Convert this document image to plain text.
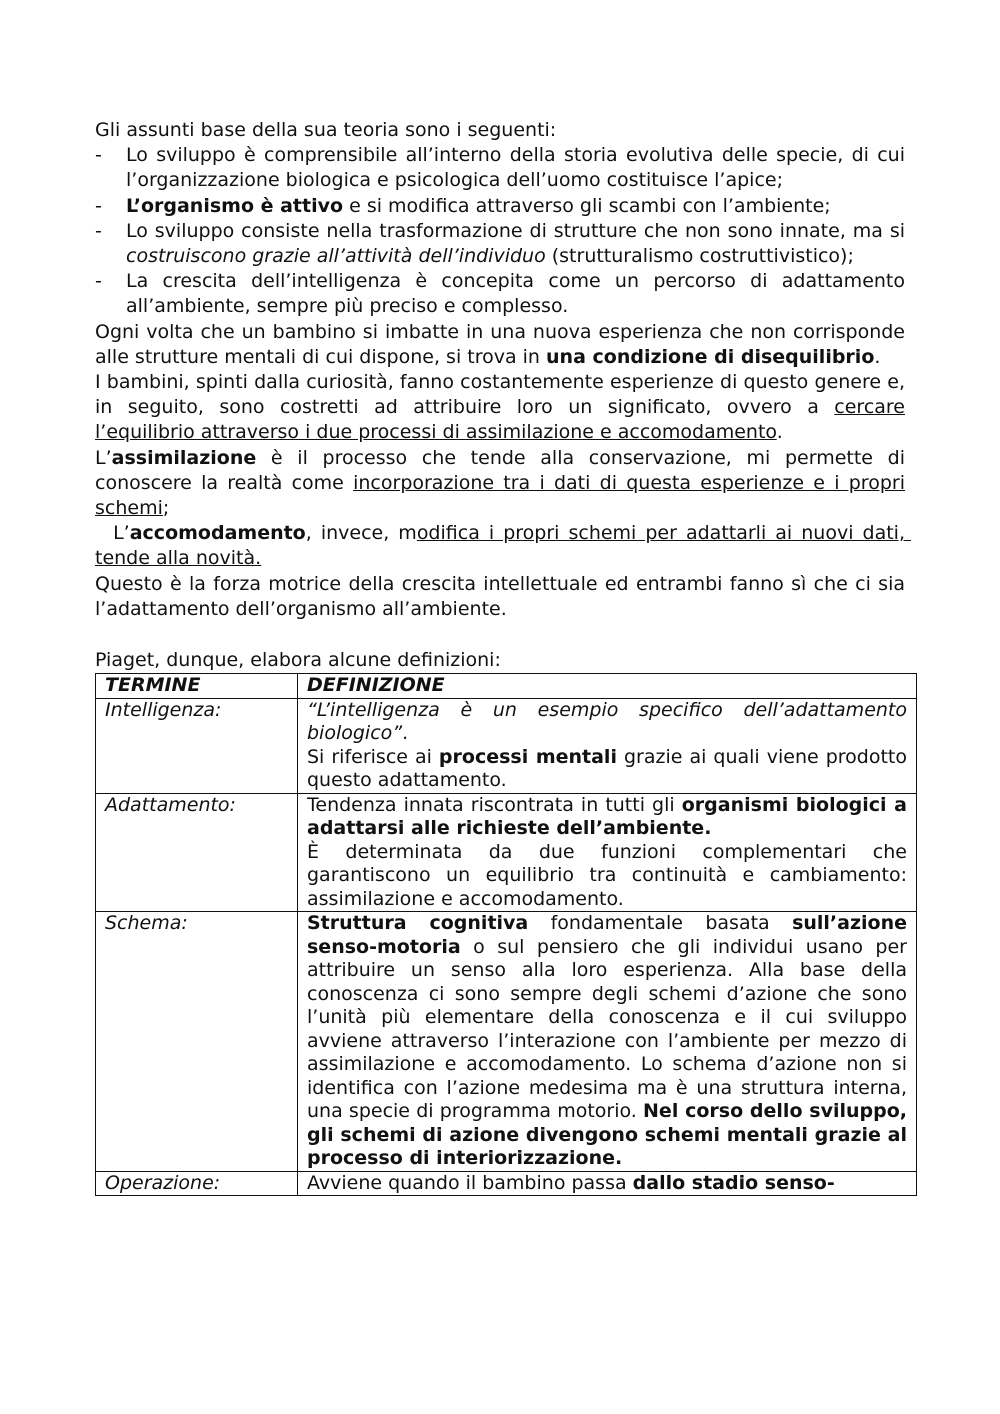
Gli assunti base della sua teoria sono i seguenti:

- Lo sviluppo è comprensibile all’interno della storia evolutiva delle specie, di cui l’organizzazione biologica e psicologica dell’uomo costituisce l’apice;
- L’organismo è attivo e si modifica attraverso gli scambi con l’ambiente;
- Lo sviluppo consiste nella trasformazione di strutture che non sono innate, ma si costruiscono grazie all’attività dell’individuo (strutturalismo costruttivistico);
- La crescita dell’intelligenza è concepita come un percorso di adattamento all’ambiente, sempre più preciso e complesso.

Ogni volta che un bambino si imbatte in una nuova esperienza che non corrisponde alle strutture mentali di cui dispone, si trova in una condizione di disequilibrio.

I bambini, spinti dalla curiosità, fanno costantemente esperienze di questo genere e, in seguito, sono costretti ad attribuire loro un significato, ovvero a cercare l’equilibrio attraverso i due processi di assimilazione e accomodamento.

L’assimilazione è il processo che tende alla conservazione, mi permette di conoscere la realtà come incorporazione tra i dati di questa esperienze e i propri schemi;

L’accomodamento, invece, modifica i propri schemi per adattarli ai nuovi dati, tende alla novità.

Questo è la forza motrice della crescita intellettuale ed entrambi fanno sì che ci sia l’adattamento dell’organismo all’ambiente.

Piaget, dunque, elabora alcune definizioni:

TERMINE	DEFINIZIONE
Intelligenza:	“L’intelligenza è un esempio specifico dell’adattamento biologico”.
Si riferisce ai processi mentali grazie ai quali viene prodotto questo adattamento.

Adattamento:	Tendenza innata riscontrata in tutti gli organismi biologici a adattarsi alle richieste dell’ambiente.
È determinata da due funzioni complementari che garantiscono un equilibrio tra continuità e cambiamento: assimilazione e accomodamento.

Schema:	Struttura cognitiva fondamentale basata sull’azione senso-motoria o sul pensiero che gli individui usano per attribuire un senso alla loro esperienza. Alla base della conoscenza ci sono sempre degli schemi d’azione che sono l’unità più elementare della conoscenza e il cui sviluppo avviene attraverso l’interazione con l’ambiente per mezzo di assimilazione e accomodamento. Lo schema d’azione non si identifica con l’azione medesima ma è una struttura interna, una specie di programma motorio. Nel corso dello sviluppo, gli schemi di azione divengono schemi mentali grazie al processo di interiorizzazione.
Operazione:	Avviene quando il bambino passa dallo stadio senso-
